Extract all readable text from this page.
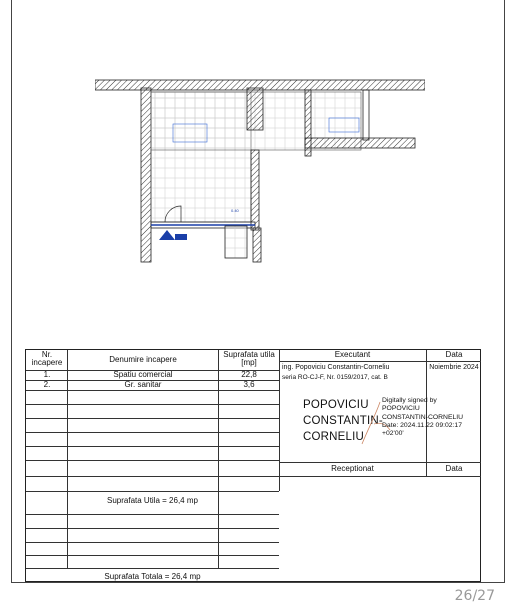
0.40
Nr.
incapere	Denumire incapere
Suprafata utila
[mp]
1.	Spatiu comercial	22,8
2.	Gr. sanitar	3,6
Suprafata Utila = 26,4 mp
Suprafata Totala = 26,4 mp
Executant	Data
ing. Popoviciu Constantin-Corneliu
seria RO-CJ-F, Nr. 0159/2017, cat. B
Noiembrie 2024
POPOVICIU
CONSTANTIN-
CORNELIU
Digitally signed by
POPOVICIU
CONSTANTIN-CORNELIU
Date: 2024.11.22 09:02:17
+02'00'
Receptionat	Data
26/27
